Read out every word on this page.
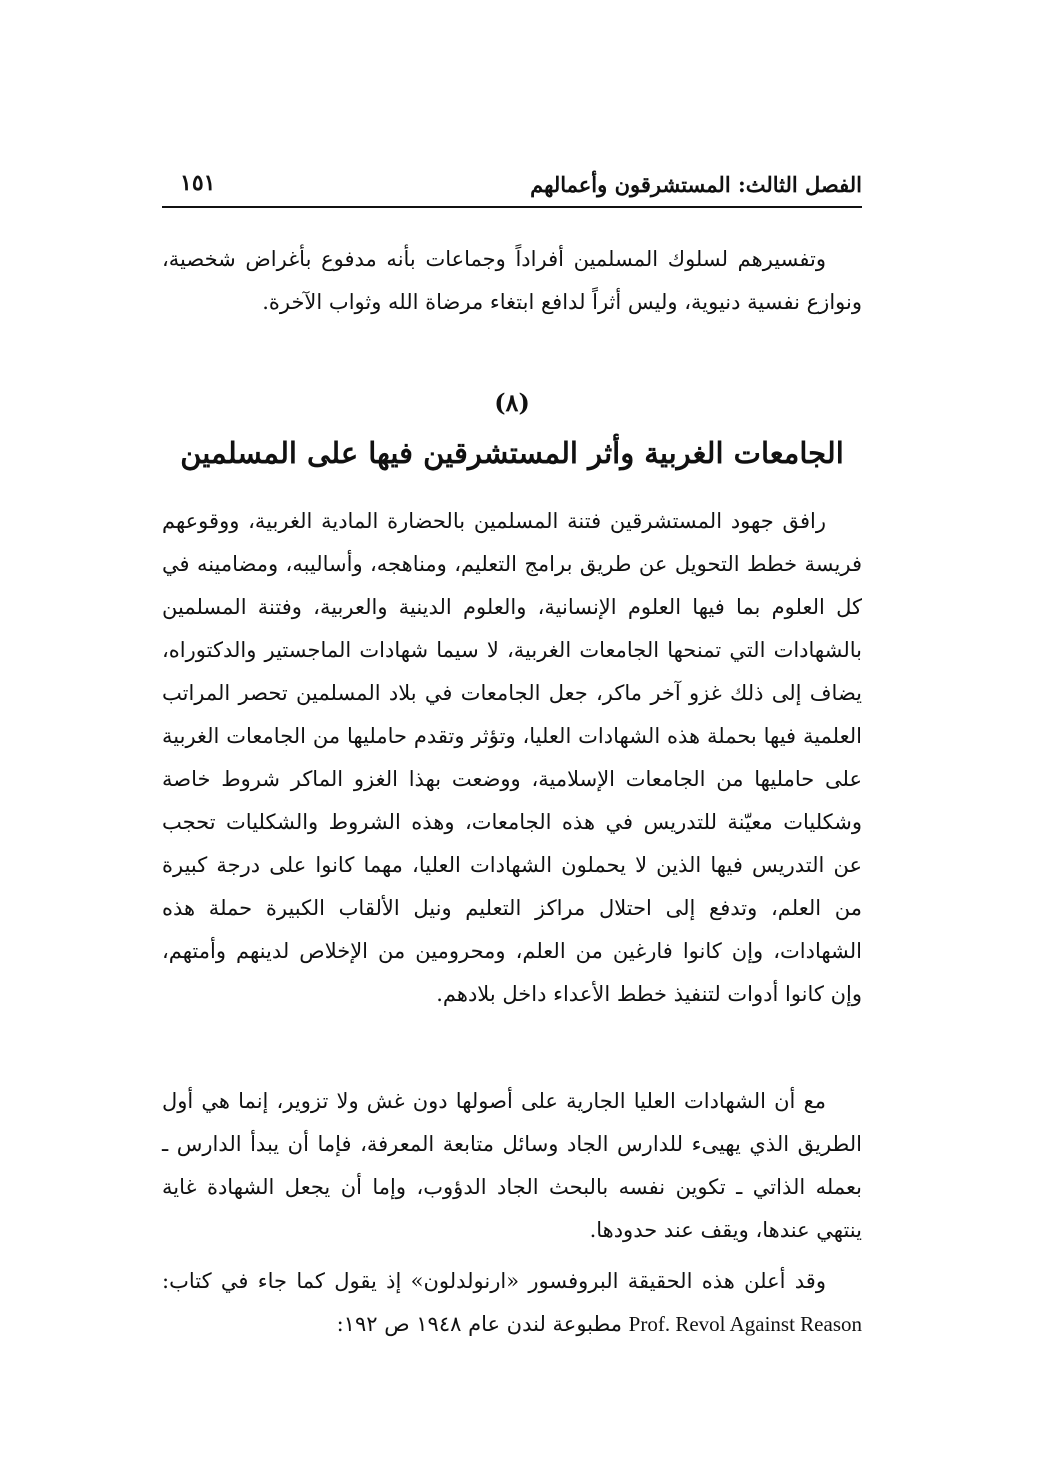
الفصل الثالث: المستشرقون وأعمالهم
١٥١

وتفسيرهم لسلوك المسلمين أفراداً وجماعات بأنه مدفوع بأغراض شخصية، ونوازع نفسية دنيوية، وليس أثراً لدافع ابتغاء مرضاة الله وثواب الآخرة.

(٨)
الجامعات الغربية وأثر المستشرقين فيها على المسلمين

رافق جهود المستشرقين فتنة المسلمين بالحضارة المادية الغربية، ووقوعهم فريسة خطط التحويل عن طريق برامج التعليم، ومناهجه، وأساليبه، ومضامينه في كل العلوم بما فيها العلوم الإنسانية، والعلوم الدينية والعربية، وفتنة المسلمين بالشهادات التي تمنحها الجامعات الغربية، لا سيما شهادات الماجستير والدكتوراه، يضاف إلى ذلك غزو آخر ماكر، جعل الجامعات في بلاد المسلمين تحصر المراتب العلمية فيها بحملة هذه الشهادات العليا، وتؤثر وتقدم حامليها من الجامعات الغربية على حامليها من الجامعات الإسلامية، ووضعت بهذا الغزو الماكر شروط خاصة وشكليات معيّنة للتدريس في هذه الجامعات، وهذه الشروط والشكليات تحجب عن التدريس فيها الذين لا يحملون الشهادات العليا، مهما كانوا على درجة كبيرة من العلم، وتدفع إلى احتلال مراكز التعليم ونيل الألقاب الكبيرة حملة هذه الشهادات، وإن كانوا فارغين من العلم، ومحرومين من الإخلاص لدينهم وأمتهم، وإن كانوا أدوات لتنفيذ خطط الأعداء داخل بلادهم.

مع أن الشهادات العليا الجارية على أصولها دون غش ولا تزوير، إنما هي أول الطريق الذي يهيىء للدارس الجاد وسائل متابعة المعرفة، فإما أن يبدأ الدارس ـ بعمله الذاتي ـ تكوين نفسه بالبحث الجاد الدؤوب، وإما أن يجعل الشهادة غاية ينتهي عندها، ويقف عند حدودها.

وقد أعلن هذه الحقيقة البروفسور «ارنولدلون» إذ يقول كما جاء في كتاب: Prof. Revol Against Reason مطبوعة لندن عام ١٩٤٨ ص ١٩٢:
